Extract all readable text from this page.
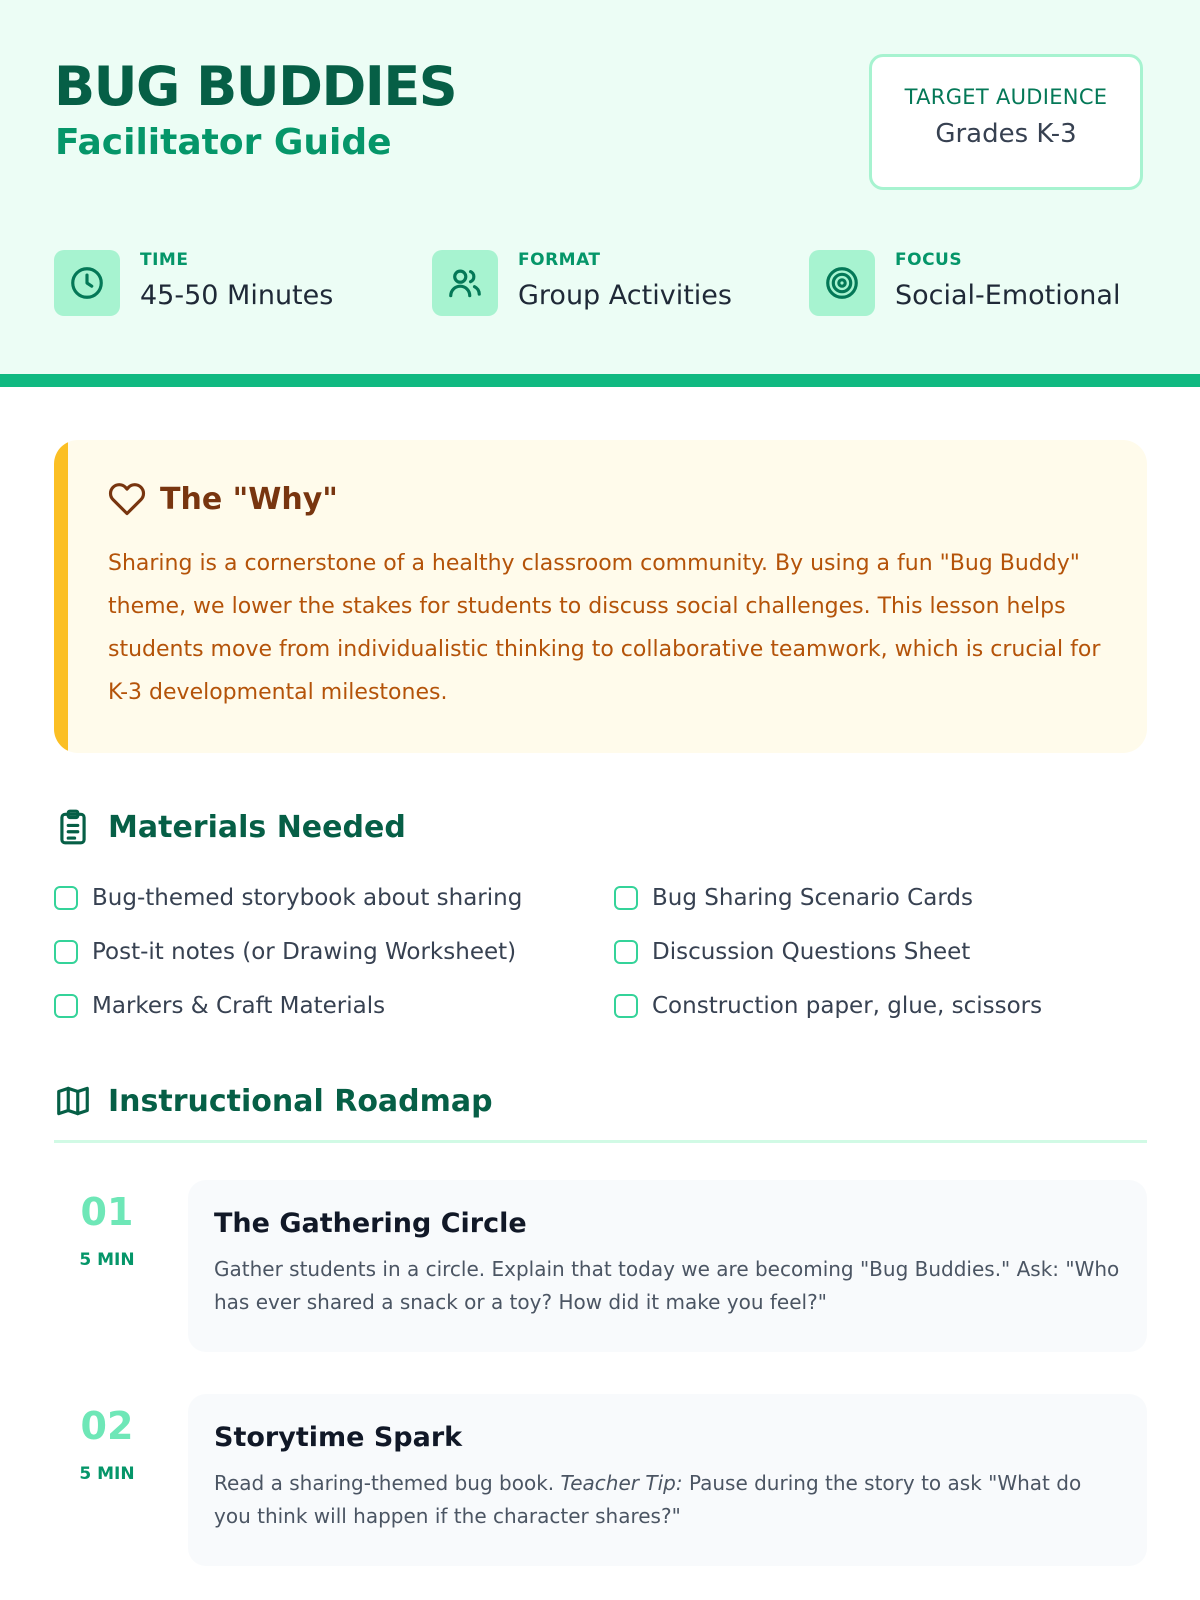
BUG BUDDIES
Facilitator Guide
TARGET AUDIENCE
Grades K-3
TIME
45-50 Minutes
FORMAT
Group Activities
FOCUS
Social-Emotional
The "Why"
Sharing is a cornerstone of a healthy classroom community. By using a fun "Bug Buddy" theme, we lower the stakes for students to discuss social challenges. This lesson helps students move from individualistic thinking to collaborative teamwork, which is crucial for K-3 developmental milestones.
Materials Needed
Bug-themed storybook about sharing	Bug Sharing Scenario Cards
Post-it notes (or Drawing Worksheet)	Discussion Questions Sheet
Markers & Craft Materials	Construction paper, glue, scissors
Instructional Roadmap
01
5 MIN
The Gathering Circle
Gather students in a circle. Explain that today we are becoming "Bug Buddies." Ask: "Who has ever shared a snack or a toy? How did it make you feel?"
02
5 MIN
Storytime Spark
Read a sharing-themed bug book. Teacher Tip: Pause during the story to ask "What do you think will happen if the character shares?"
